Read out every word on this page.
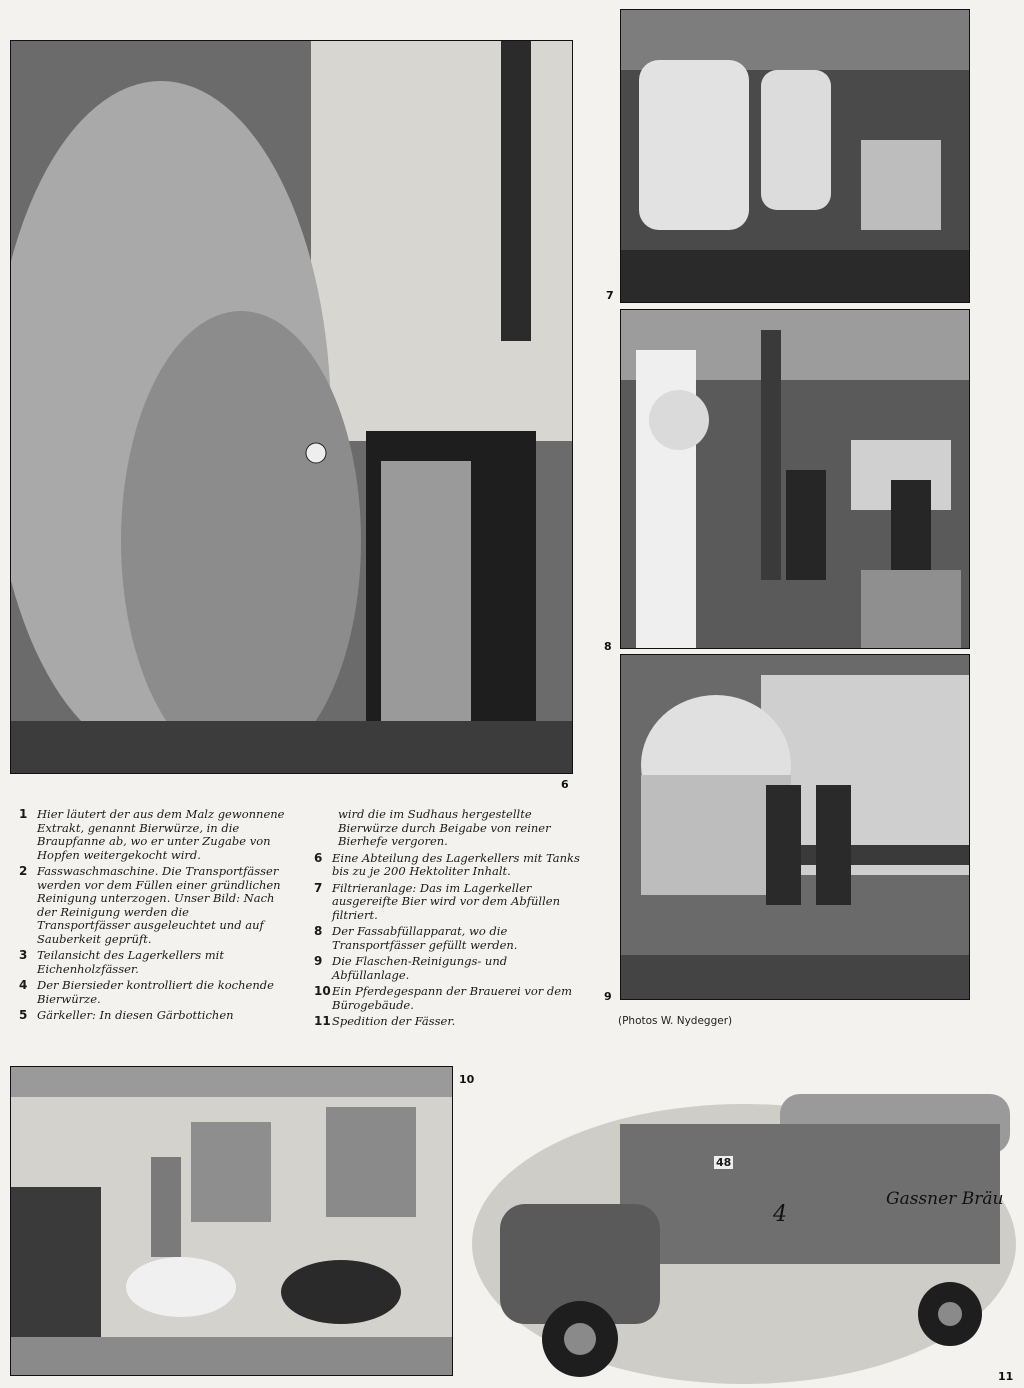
6
7
8
9
1 Hier läutert der aus dem Malz gewonnene Extrakt, genannt Bierwürze, in die Braupfanne ab, wo er unter Zugabe von Hopfen weitergekocht wird.
2 Fasswaschmaschine. Die Transportfässer werden vor dem Füllen einer gründlichen Reinigung unterzogen. Unser Bild: Nach der Reinigung werden die Transportfässer ausgeleuchtet und auf Sauberkeit geprüft.
3 Teilansicht des Lagerkellers mit Eichenholzfässer.
4 Der Biersieder kontrolliert die kochende Bierwürze.
5 Gärkeller: In diesen Gärbottichen
wird die im Sudhaus hergestellte Bierwürze durch Beigabe von reiner Bierhefe vergoren.
6 Eine Abteilung des Lagerkellers mit Tanks bis zu je 200 Hektoliter Inhalt.
7 Filtrieranlage: Das im Lagerkeller ausgereifte Bier wird vor dem Abfüllen filtriert.
8 Der Fassabfüllapparat, wo die Transportfässer gefüllt werden.
9 Die Flaschen-Reinigungs- und Abfüllanlage.
10 Ein Pferdegespann der Brauerei vor dem Bürogebäude.
11 Spedition der Fässer.	(Photos W. Nydegger)
10
48
4
Gassner Bräu
11
